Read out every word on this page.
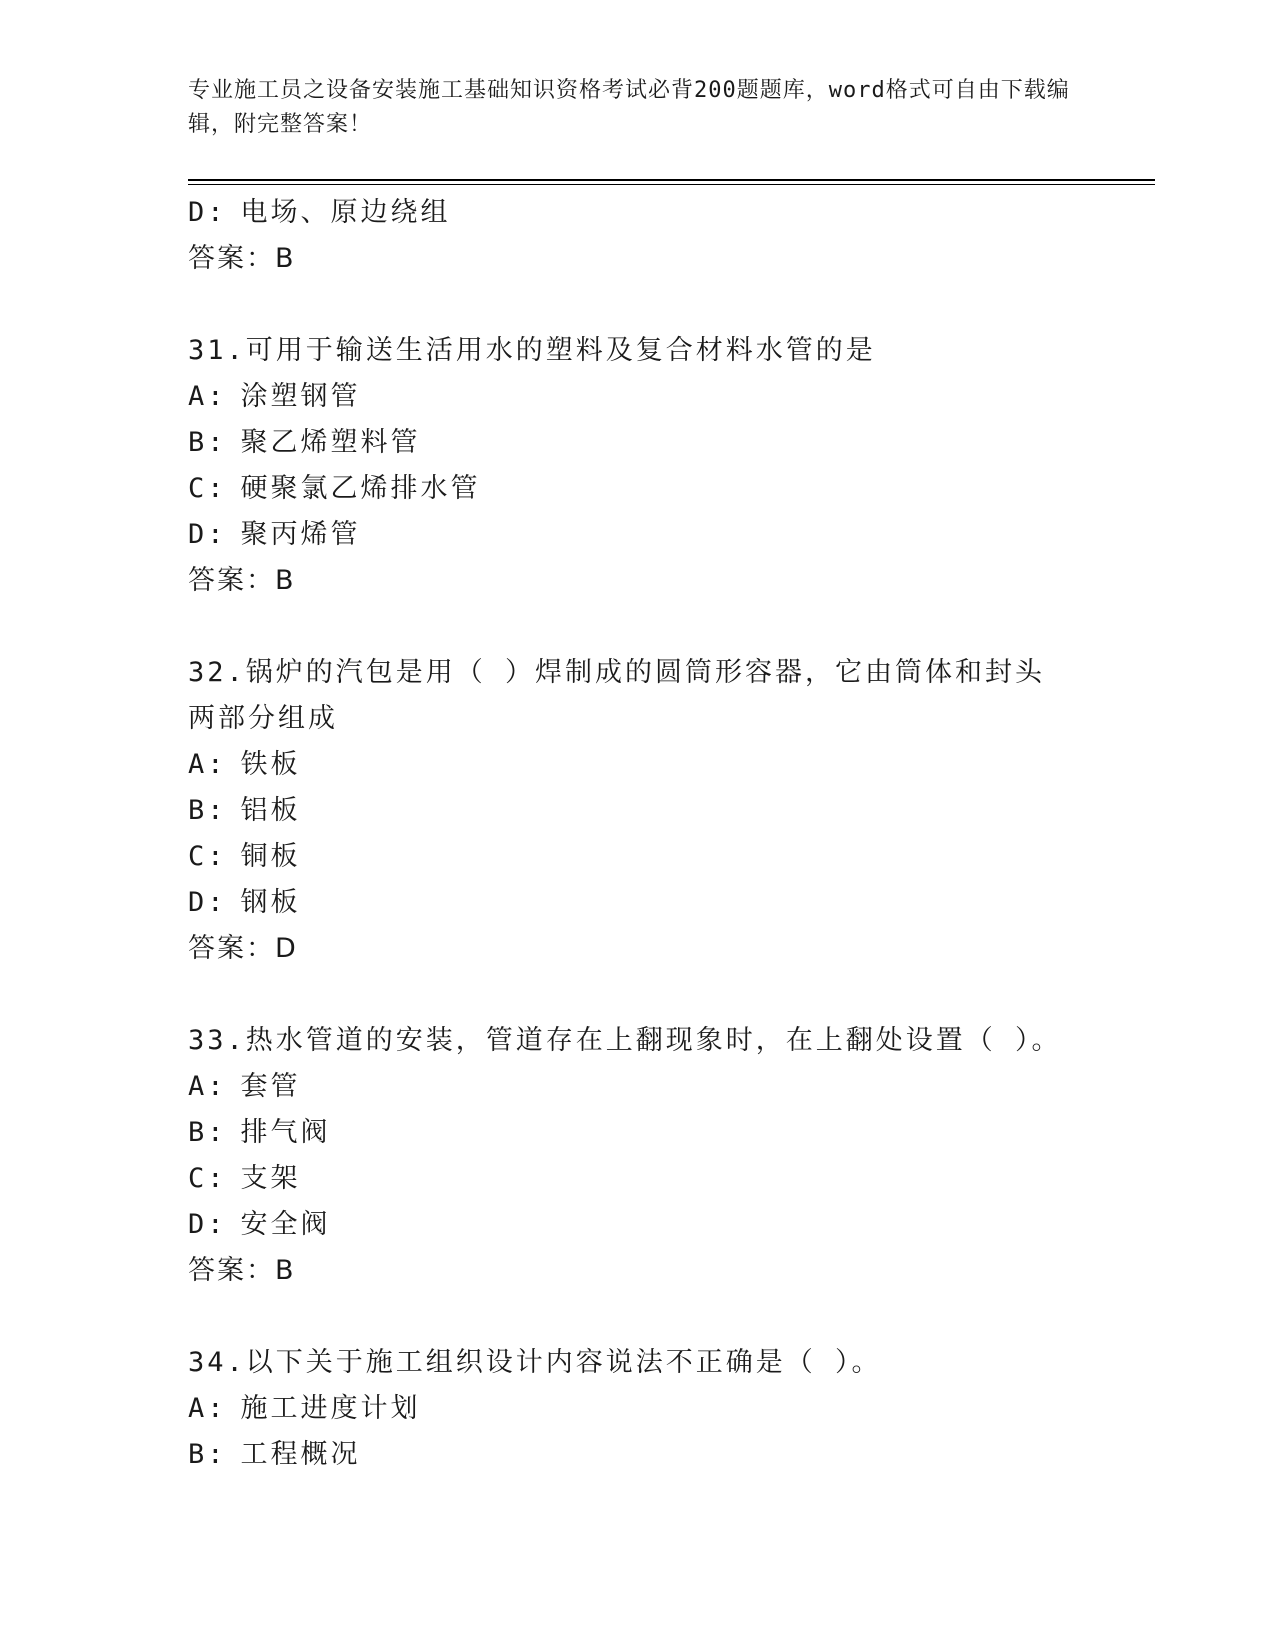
专业施工员之设备安装施工基础知识资格考试必背200题题库，word格式可自由下载编辑，附完整答案！
D: 电场、原边绕组
答案：B
31.可用于输送生活用水的塑料及复合材料水管的是
A: 涂塑钢管
B: 聚乙烯塑料管
C: 硬聚氯乙烯排水管
D: 聚丙烯管
答案：B
32.锅炉的汽包是用（ ）焊制成的圆筒形容器，它由筒体和封头两部分组成
A: 铁板
B: 铝板
C: 铜板
D: 钢板
答案：D
33.热水管道的安装，管道存在上翻现象时，在上翻处设置（ ）。
A: 套管
B: 排气阀
C: 支架
D: 安全阀
答案：B
34.以下关于施工组织设计内容说法不正确是（ ）。
A: 施工进度计划
B: 工程概况
